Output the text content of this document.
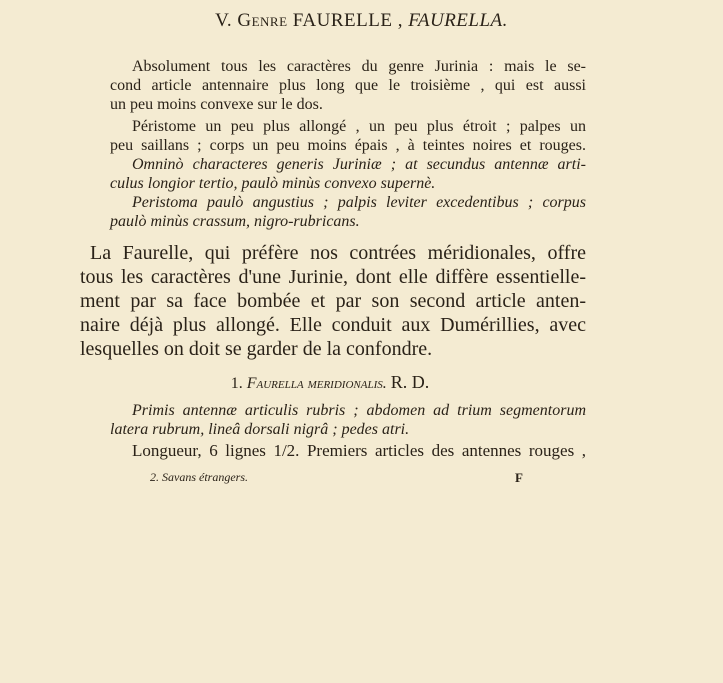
V. Genre FAURELLE , FAURELLA.
Absolument tous les caractères du genre Jurinia : mais le se-
cond article antennaire plus long que le troisième , qui est aussi
un peu moins convexe sur le dos.
Péristome un peu plus allongé , un peu plus étroit ; palpes un
peu saillans ; corps un peu moins épais , à teintes noires et rouges.
Omninò characteres generis Juriniæ ; at secundus antennæ arti-
culus longior tertio, paulò minùs convexo supernè.
Peristoma paulò angustius ; palpis leviter excedentibus ; corpus
paulò minùs crassum, nigro-rubricans.
La Faurelle, qui préfère nos contrées méridionales, offre
tous les caractères d'une Jurinie, dont elle diffère essentielle-
ment par sa face bombée et par son second article anten-
naire déjà plus allongé. Elle conduit aux Dumérillies, avec
lesquelles on doit se garder de la confondre.
1. Faurella meridionalis. R. D.
Primis antennæ articulis rubris ; abdomen ad trium segmentorum
latera rubrum, lineâ dorsali nigrâ ; pedes atri.
Longueur, 6 lignes 1/2. Premiers articles des antennes rouges ,
2. Savans étrangers.	F
